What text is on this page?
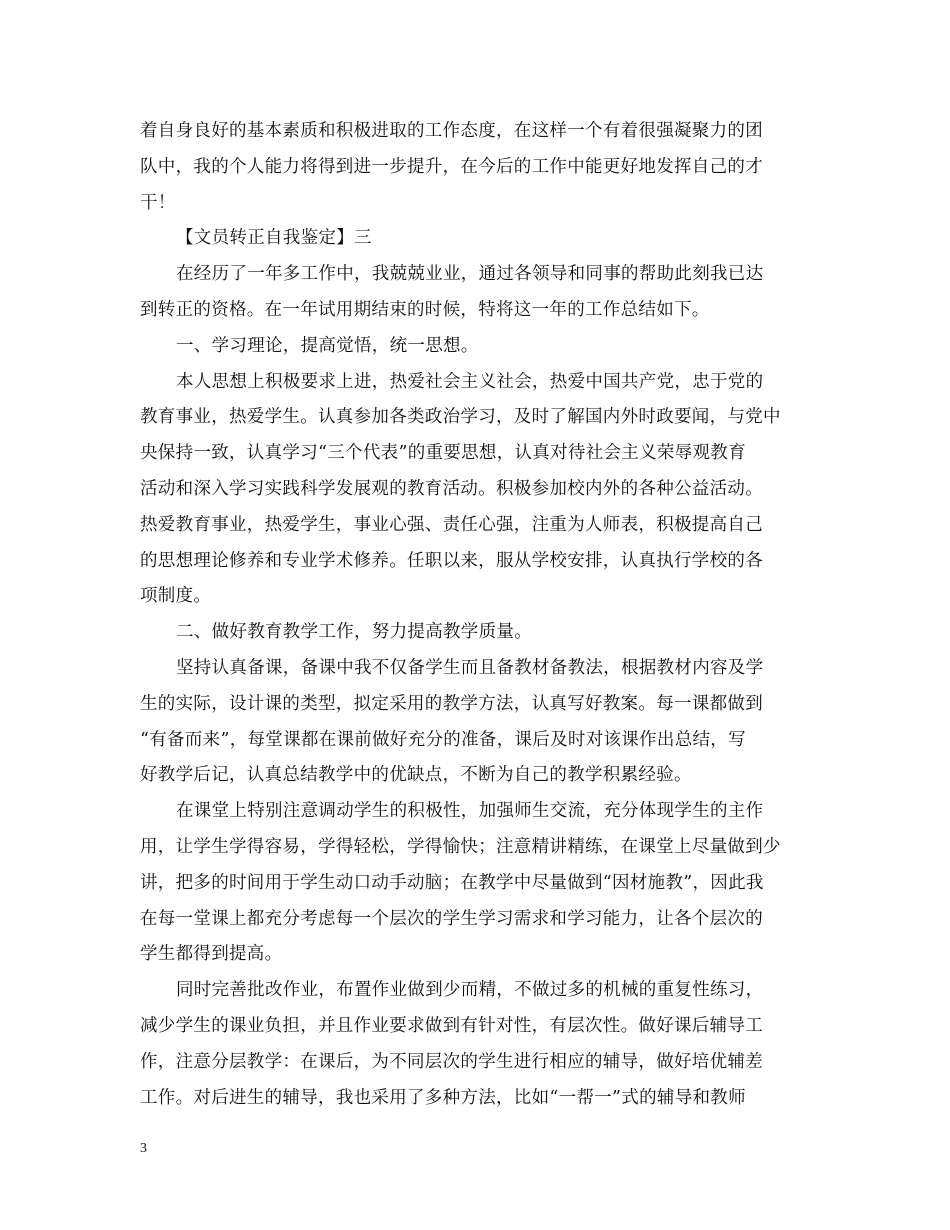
着自身良好的基本素质和积极进取的工作态度，在这样一个有着很强凝聚力的团
队中，我的个人能力将得到进一步提升，在今后的工作中能更好地发挥自己的才
干！
【文员转正自我鉴定】三
在经历了一年多工作中，我兢兢业业，通过各领导和同事的帮助此刻我已达
到转正的资格。在一年试用期结束的时候，特将这一年的工作总结如下。
一、学习理论，提高觉悟，统一思想。
本人思想上积极要求上进，热爱社会主义社会，热爱中国共产党，忠于党的
教育事业，热爱学生。认真参加各类政治学习，及时了解国内外时政要闻，与党中
央保持一致，认真学习“三个代表”的重要思想，认真对待社会主义荣辱观教育
活动和深入学习实践科学发展观的教育活动。积极参加校内外的各种公益活动。
热爱教育事业，热爱学生，事业心强、责任心强，注重为人师表，积极提高自己
的思想理论修养和专业学术修养。任职以来，服从学校安排，认真执行学校的各
项制度。
二、做好教育教学工作，努力提高教学质量。
坚持认真备课，备课中我不仅备学生而且备教材备教法，根据教材内容及学
生的实际，设计课的类型，拟定采用的教学方法，认真写好教案。每一课都做到
“有备而来”，每堂课都在课前做好充分的准备，课后及时对该课作出总结，写
好教学后记，认真总结教学中的优缺点，不断为自己的教学积累经验。
在课堂上特别注意调动学生的积极性，加强师生交流，充分体现学生的主作
用，让学生学得容易，学得轻松，学得愉快；注意精讲精练，在课堂上尽量做到少
讲，把多的时间用于学生动口动手动脑；在教学中尽量做到“因材施教”，因此我
在每一堂课上都充分考虑每一个层次的学生学习需求和学习能力，让各个层次的
学生都得到提高。
同时完善批改作业，布置作业做到少而精，不做过多的机械的重复性练习，
减少学生的课业负担，并且作业要求做到有针对性，有层次性。做好课后辅导工
作，注意分层教学：在课后，为不同层次的学生进行相应的辅导，做好培优辅差
工作。对后进生的辅导，我也采用了多种方法，比如“一帮一”式的辅导和教师
3
